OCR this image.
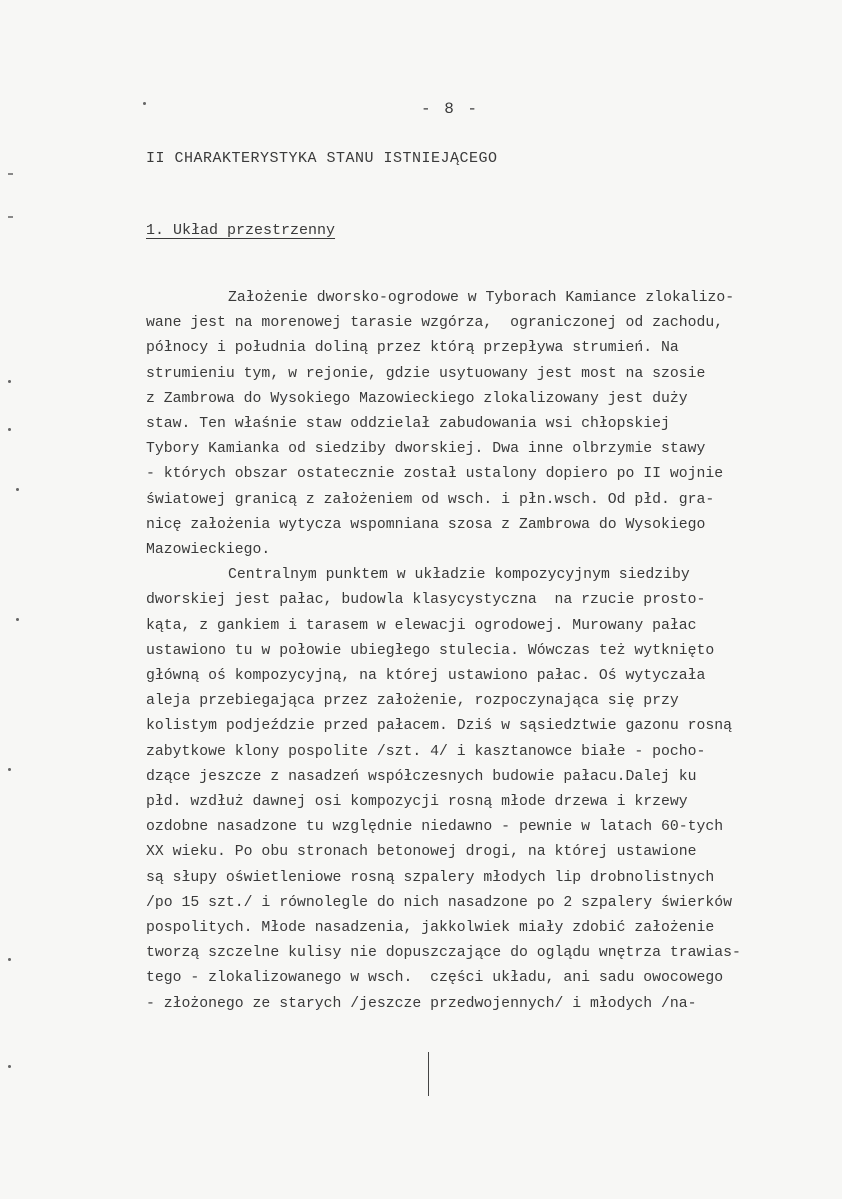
- 8 -
II CHARAKTERYSTYKA STANU ISTNIEJĄCEGO
1. Układ przestrzenny
Założenie dworsko-ogrodowe w Tyborach Kamiance zlokalizo-
wane jest na morenowej tarasie wzgórza,  ograniczonej od zachodu,
północy i południa doliną przez którą przepływa strumień. Na
strumieniu tym, w rejonie, gdzie usytuowany jest most na szosie
z Zambrowa do Wysokiego Mazowieckiego zlokalizowany jest duży
staw. Ten właśnie staw oddzielał zabudowania wsi chłopskiej
Tybory Kamianka od siedziby dworskiej. Dwa inne olbrzymie stawy
- których obszar ostatecznie został ustalony dopiero po II wojnie
światowej granicą z założeniem od wsch. i płn.wsch. Od płd. gra-
nicę założenia wytycza wspomniana szosa z Zambrowa do Wysokiego
Mazowieckiego.
Centralnym punktem w układzie kompozycyjnym siedziby
dworskiej jest pałac, budowla klasycystyczna  na rzucie prosto-
kąta, z gankiem i tarasem w elewacji ogrodowej. Murowany pałac
ustawiono tu w połowie ubiegłego stulecia. Wówczas też wytknięto
główną oś kompozycyjną, na której ustawiono pałac. Oś wytyczała
aleja przebiegająca przez założenie, rozpoczynająca się przy
kolistym podjeździe przed pałacem. Dziś w sąsiedztwie gazonu rosną
zabytkowe klony pospolite /szt. 4/ i kasztanowce białe - pocho-
dzące jeszcze z nasadzeń współczesnych budowie pałacu.Dalej ku
płd. wzdłuż dawnej osi kompozycji rosną młode drzewa i krzewy
ozdobne nasadzone tu względnie niedawno - pewnie w latach 60-tych
XX wieku. Po obu stronach betonowej drogi, na której ustawione
są słupy oświetleniowe rosną szpalery młodych lip drobnolistnych
/po 15 szt./ i równolegle do nich nasadzone po 2 szpalery świerków
pospolitych. Młode nasadzenia, jakkolwiek miały zdobić założenie
tworzą szczelne kulisy nie dopuszczające do oglądu wnętrza trawias-
tego - zlokalizowanego w wsch.  części układu, ani sadu owocowego
- złożonego ze starych /jeszcze przedwojennych/ i młodych /na-
